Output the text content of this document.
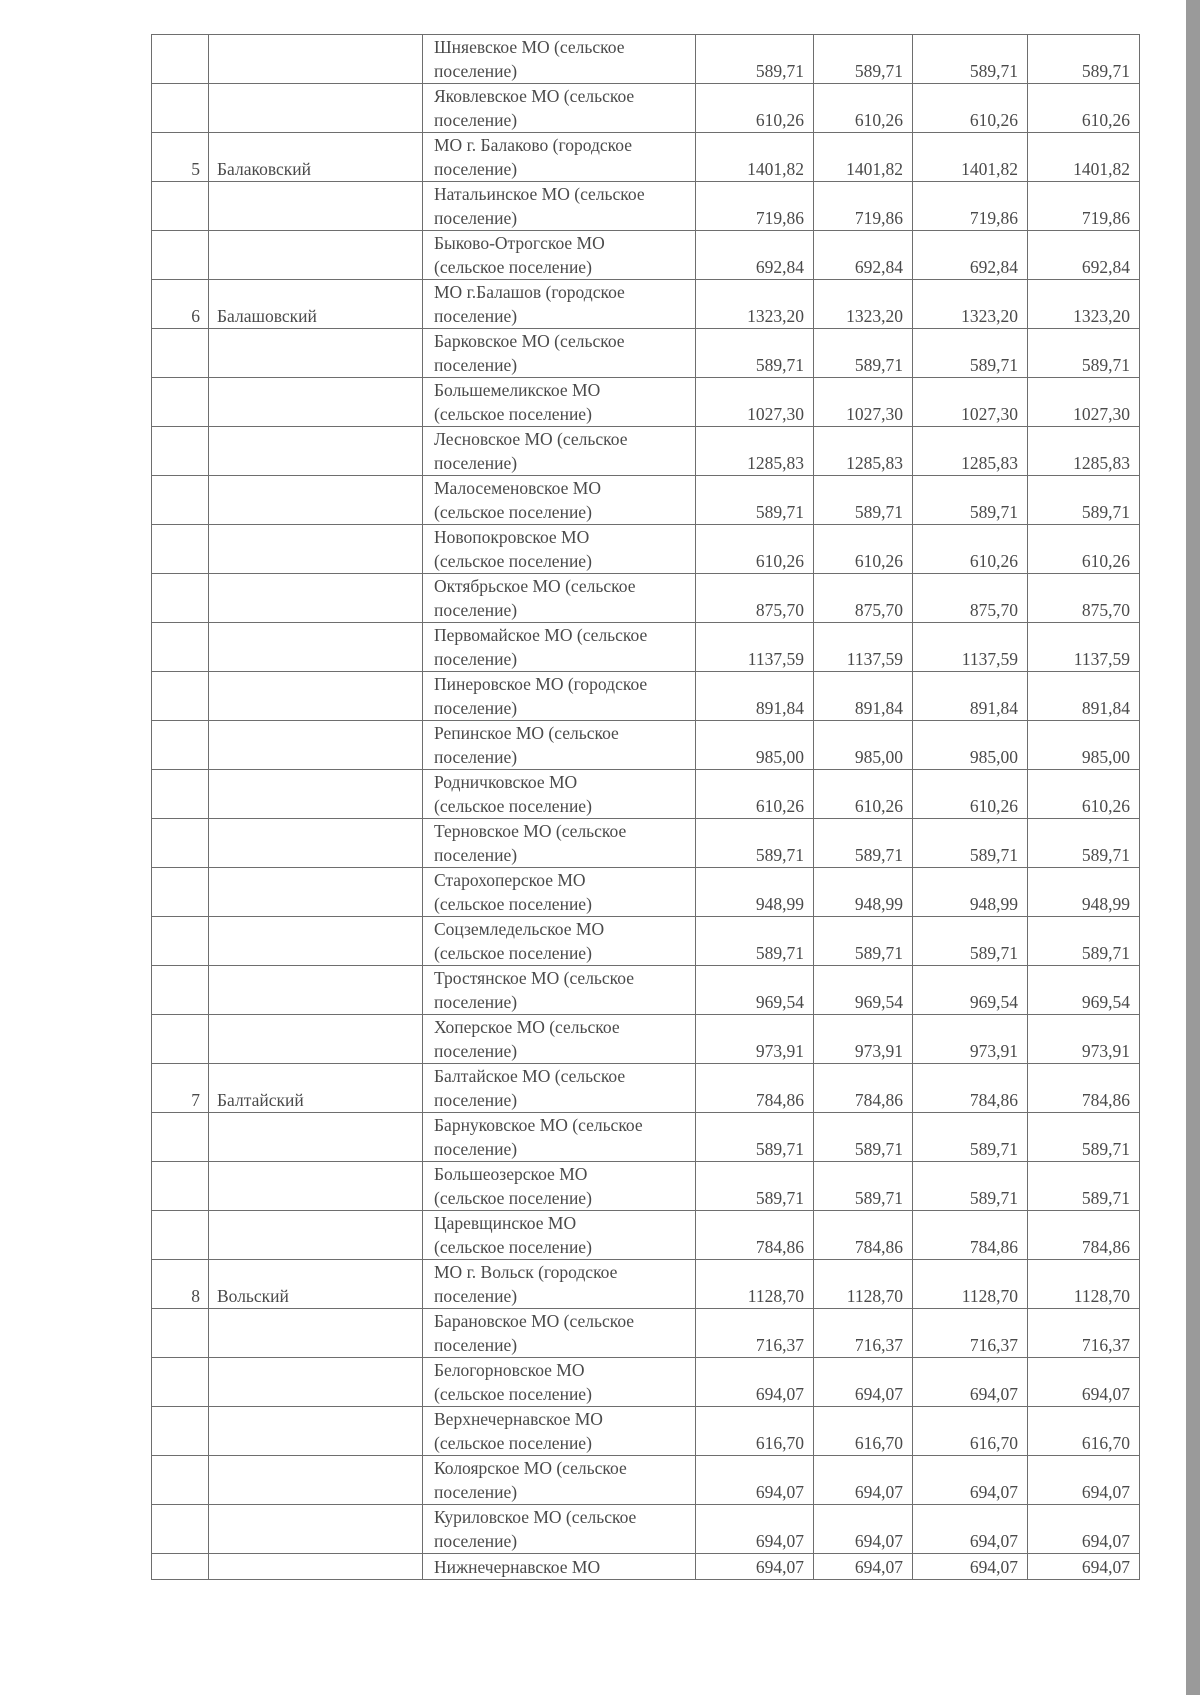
		Шняевское МО (сельское
поселение)	589,71	589,71	589,71	589,71

		Яковлевское МО (сельское
поселение)	610,26	610,26	610,26	610,26
5	Балаковский	МО г. Балаково (городское
поселение)	1401,82	1401,82	1401,82	1401,82

		Натальинское МО (сельское
поселение)	719,86	719,86	719,86	719,86

		Быково-Отрогское МО
(сельское поселение)	692,84	692,84	692,84	692,84
6	Балашовский	МО г.Балашов (городское
поселение)	1323,20	1323,20	1323,20	1323,20

		Барковское МО (сельское
поселение)	589,71	589,71	589,71	589,71

		Большемеликское МО
(сельское поселение)	1027,30	1027,30	1027,30	1027,30

		Лесновское МО (сельское
поселение)	1285,83	1285,83	1285,83	1285,83

		Малосеменовское МО
(сельское поселение)	589,71	589,71	589,71	589,71

		Новопокровское МО
(сельское поселение)	610,26	610,26	610,26	610,26

		Октябрьское МО (сельское
поселение)	875,70	875,70	875,70	875,70

		Первомайское МО (сельское
поселение)	1137,59	1137,59	1137,59	1137,59

		Пинеровское МО (городское
поселение)	891,84	891,84	891,84	891,84

		Репинское МО (сельское
поселение)	985,00	985,00	985,00	985,00

		Родничковское МО
(сельское поселение)	610,26	610,26	610,26	610,26

		Терновское МО (сельское
поселение)	589,71	589,71	589,71	589,71

		Старохоперское МО
(сельское поселение)	948,99	948,99	948,99	948,99

		Соцземледельское МО
(сельское поселение)	589,71	589,71	589,71	589,71

		Тростянское МО (сельское
поселение)	969,54	969,54	969,54	969,54

		Хоперское МО (сельское
поселение)	973,91	973,91	973,91	973,91
7	Балтайский	Балтайское МО (сельское
поселение)	784,86	784,86	784,86	784,86

		Барнуковское МО (сельское
поселение)	589,71	589,71	589,71	589,71

		Большеозерское МО
(сельское поселение)	589,71	589,71	589,71	589,71

		Царевщинское МО
(сельское поселение)	784,86	784,86	784,86	784,86
8	Вольский	МО г. Вольск (городское
поселение)	1128,70	1128,70	1128,70	1128,70

		Барановское МО (сельское
поселение)	716,37	716,37	716,37	716,37

		Белогорновское МО
(сельское поселение)	694,07	694,07	694,07	694,07

		Верхнечернавское МО
(сельское поселение)	616,70	616,70	616,70	616,70

		Колоярское МО (сельское
поселение)	694,07	694,07	694,07	694,07

		Куриловское МО (сельское
поселение)	694,07	694,07	694,07	694,07

		Нижнечернавское МО	694,07	694,07	694,07	694,07
